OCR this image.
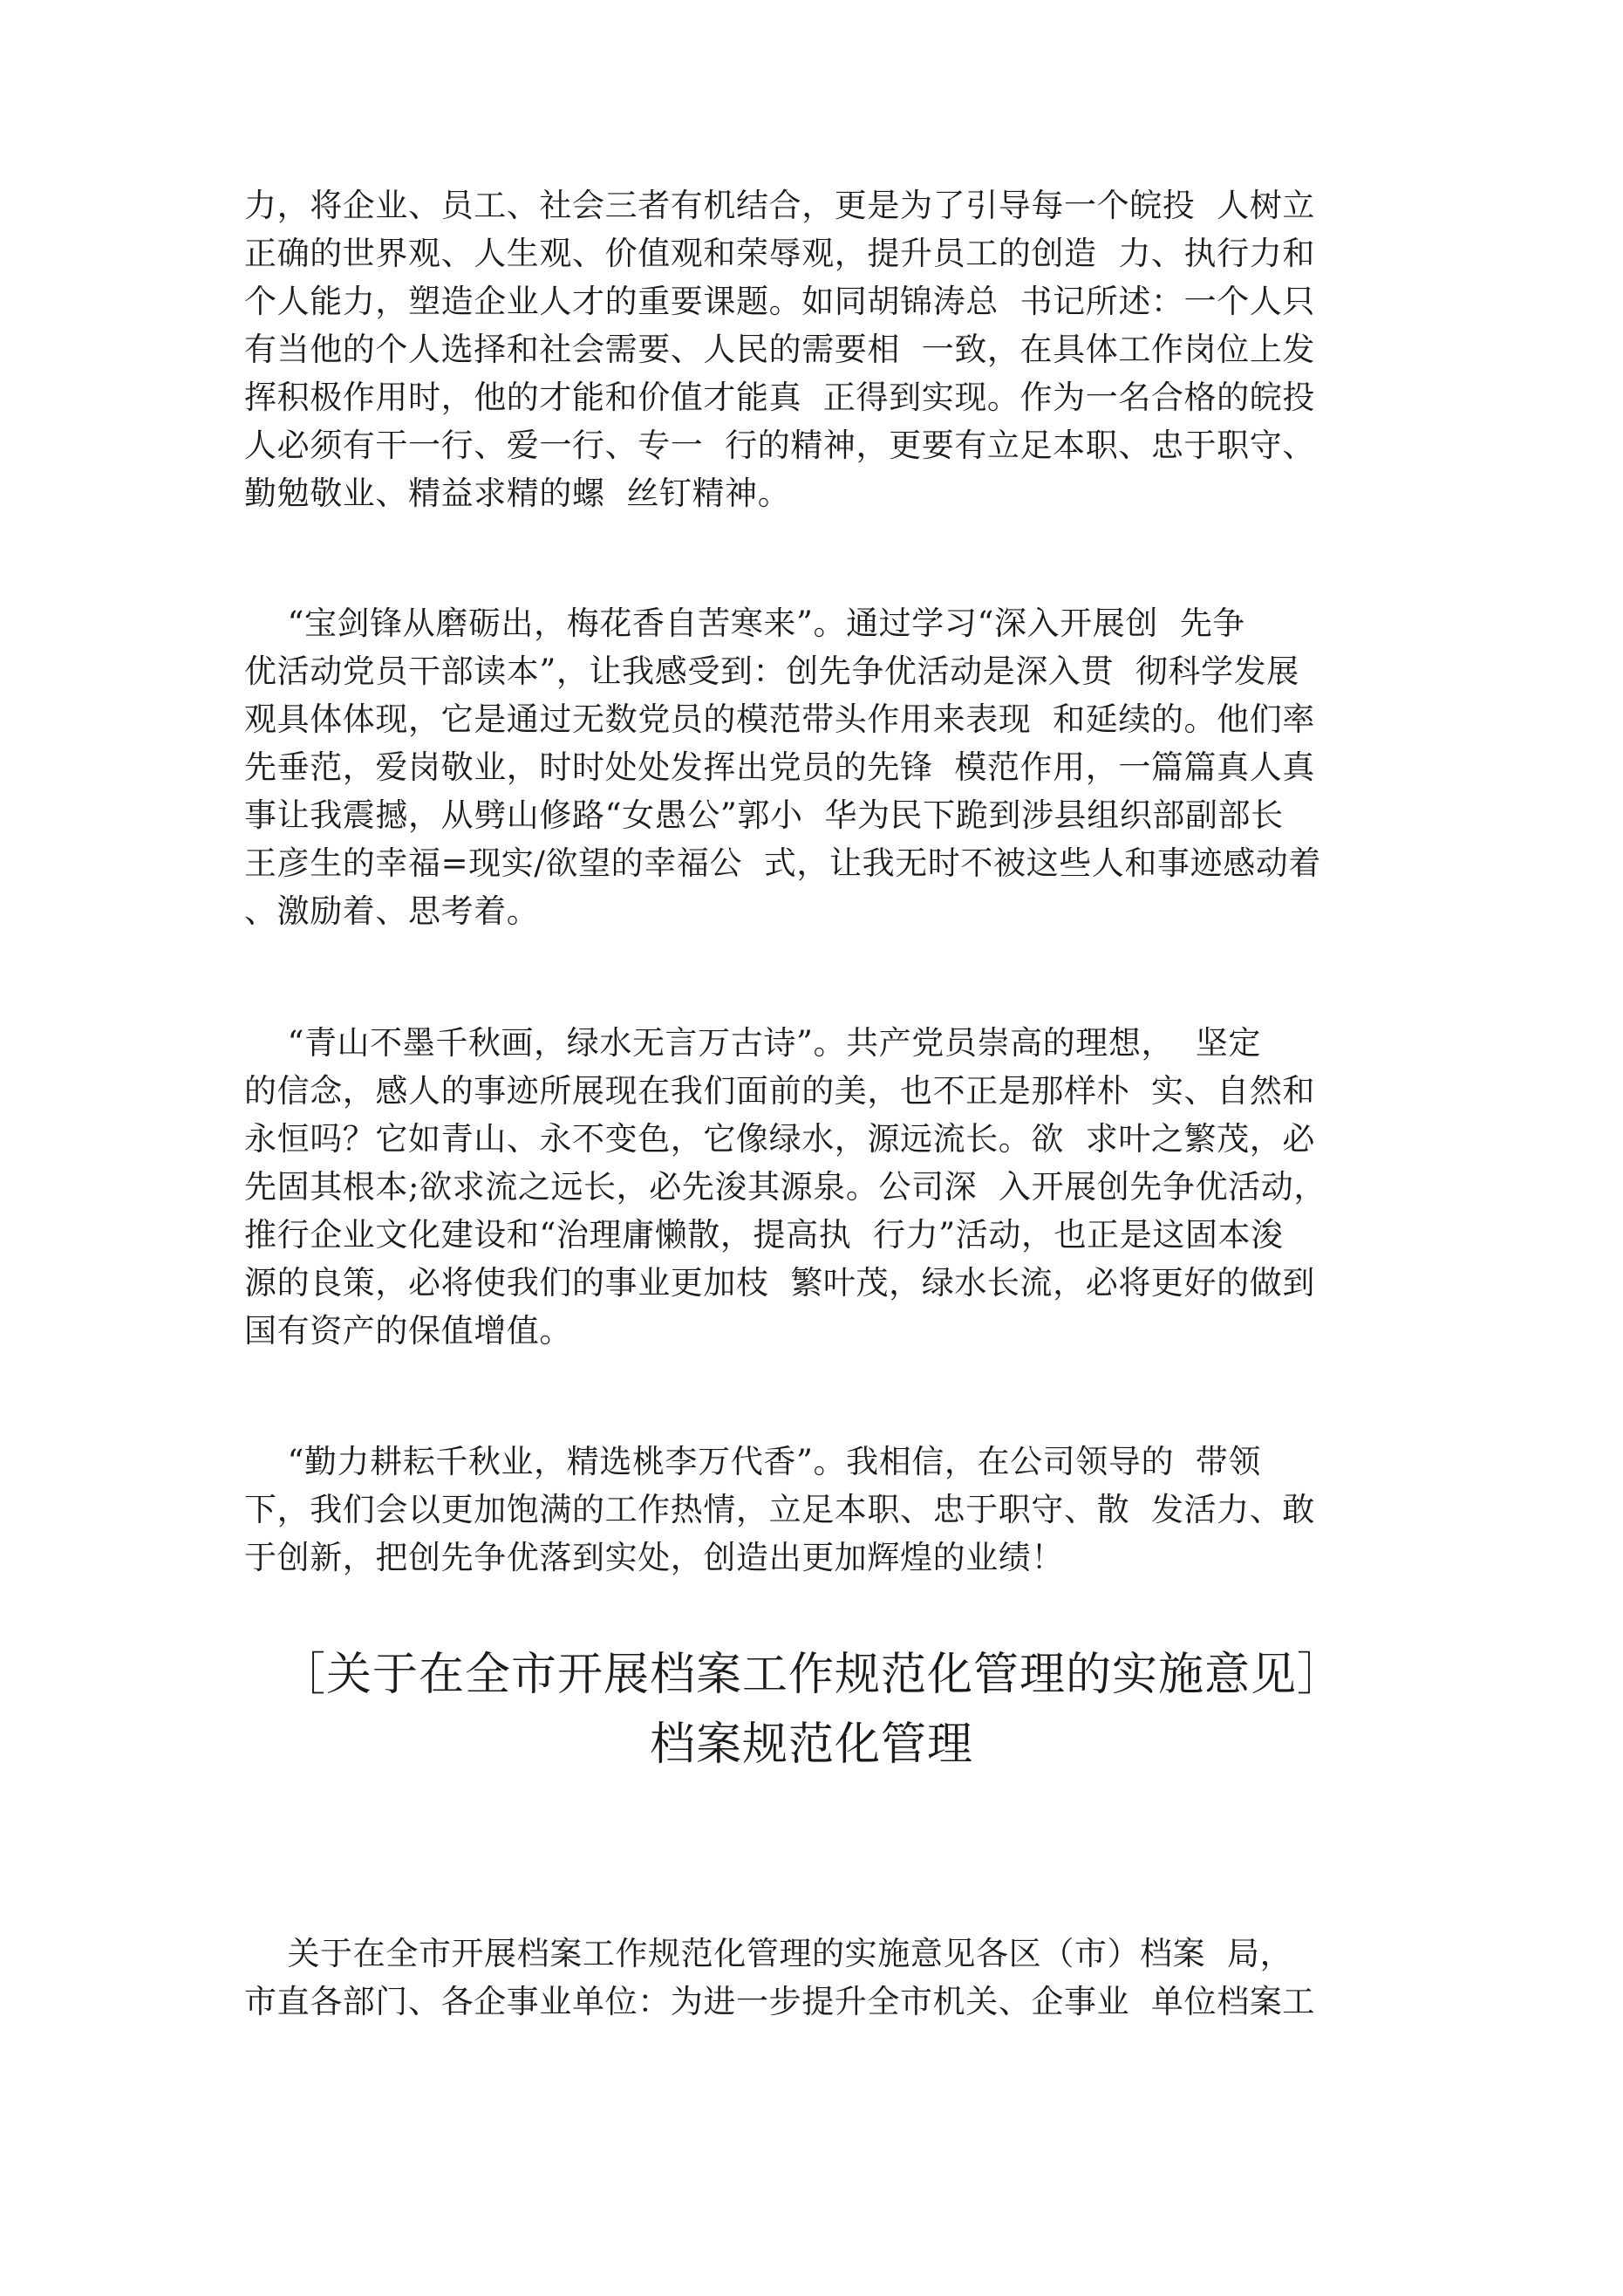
力，将企业、员工、社会三者有机结合，更是为了引导每一个皖投  人树立
正确的世界观、人生观、价值观和荣辱观，提升员工的创造  力、执行力和
个人能力，塑造企业人才的重要课题。如同胡锦涛总  书记所述：一个人只
有当他的个人选择和社会需要、人民的需要相  一致，在具体工作岗位上发
挥积极作用时，他的才能和价值才能真  正得到实现。作为一名合格的皖投
人必须有干一行、爱一行、专一  行的精神，更要有立足本职、忠于职守、
勤勉敬业、精益求精的螺  丝钉精神。
“宝剑锋从磨砺出，梅花香自苦寒来”。通过学习“深入开展创  先争
优活动党员干部读本”，让我感受到：创先争优活动是深入贯  彻科学发展
观具体体现，它是通过无数党员的模范带头作用来表现  和延续的。他们率
先垂范，爱岗敬业，时时处处发挥出党员的先锋  模范作用，一篇篇真人真
事让我震撼，从劈山修路“女愚公”郭小  华为民下跪到涉县组织部副部长
王彦生的幸福=现实/欲望的幸福公  式，让我无时不被这些人和事迹感动着
、激励着、思考着。
“青山不墨千秋画，绿水无言万古诗”。共产党员崇高的理想，  坚定
的信念，感人的事迹所展现在我们面前的美，也不正是那样朴  实、自然和
永恒吗？它如青山、永不变色，它像绿水，源远流长。欲  求叶之繁茂，必
先固其根本;欲求流之远长，必先浚其源泉。公司深  入开展创先争优活动，
推行企业文化建设和“治理庸懒散，提高执  行力”活动，也正是这固本浚
源的良策，必将使我们的事业更加枝  繁叶茂，绿水长流，必将更好的做到
国有资产的保值增值。
“勤力耕耘千秋业，精选桃李万代香”。我相信，在公司领导的  带领
下，我们会以更加饱满的工作热情，立足本职、忠于职守、散  发活力、敢
于创新，把创先争优落到实处，创造出更加辉煌的业绩！
［关于在全市开展档案工作规范化管理的实施意见］
档案规范化管理
关于在全市开展档案工作规范化管理的实施意见各区（市）档案  局，
市直各部门、各企事业单位：为进一步提升全市机关、企事业  单位档案工
